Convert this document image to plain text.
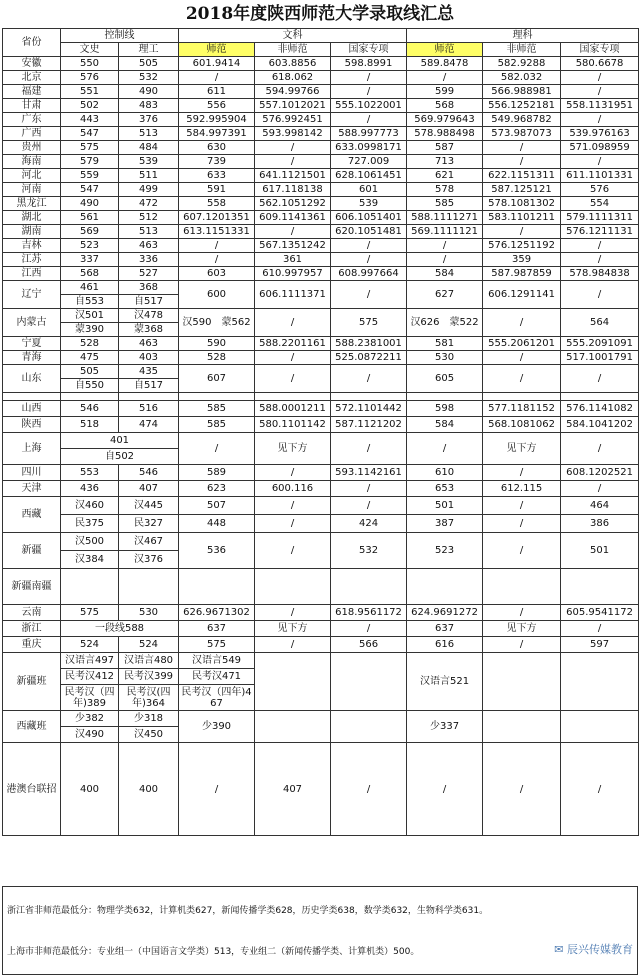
2018年度陕西师范大学录取线汇总
省份	控制线		文科			理科		
	文史	理工	师范	非师范	国家专项	师范	非师范	国家专项
安徽	550	505	601.9414	603.8856	598.8991	589.8478	582.9288	580.6678
北京	576	532	/	618.062	/	/	582.032	/
福建	551	490	611	594.99766	/	599	566.988981	/
甘肃	502	483	556	557.1012021	555.1022001	568	556.1252181	558.1131951
广东	443	376	592.995904	576.992451	/	569.979643	549.968782	/
广西	547	513	584.997391	593.998142	588.997773	578.988498	573.987073	539.976163
贵州	575	484	630	/	633.0998171	587	/	571.098959
海南	579	539	739	/	727.009	713	/	/
河北	559	511	633	641.1121501	628.1061451	621	622.1151311	611.1101331
河南	547	499	591	617.118138	601	578	587.125121	576
黑龙江	490	472	558	562.1051292	539	585	578.1081302	554
湖北	561	512	607.1201351	609.1141361	606.1051401	588.1111271	583.1101211	579.1111311
湖南	569	513	613.1151331	/	620.1051481	569.1111121	/	576.1211131
吉林	523	463	/	567.1351242	/	/	576.1251192	/
江苏	337	336	/	361	/	/	359	/
江西	568	527	603	610.997957	608.997664	584	587.987859	578.984838
辽宁	461	368	600	606.1111371	/	627	606.1291141	/
	自553	自517						
内蒙古	汉501	汉478	汉590　蒙562	/	575	汉626　蒙522	/	564
	蒙390	蒙368						
宁夏	528	463	590	588.2201161	588.2381001	581	555.2061201	555.2091091
青海	475	403	528	/	525.0872211	530	/	517.1001791
山东	505	435	607	/	/	605	/	/
	自550	自517						

山西	546	516	585	588.0001211	572.1101442	598	577.1181152	576.1141082
陕西	518	474	585	580.1101142	587.1121202	584	568.1081062	584.1041202
上海	401		/	见下方	/	/	见下方	/
	自502							
四川	553	546	589	/	593.1142161	610	/	608.1202521
天津	436	407	623	600.116	/	653	612.115	/
西藏	汉460	汉445	507	/	/	501	/	464
	民375	民327	448	/	424	387	/	386
新疆	汉500	汉467	536	/	532	523	/	501
	汉384	汉376						
新疆南疆								
云南	575	530	626.9671302	/	618.9561172	624.9691272	/	605.9541172
浙江	一段线588		637	见下方	/	637	见下方	/
重庆	524	524	575	/	566	616	/	597
新疆班	汉语言497	汉语言480	汉语言549			汉语言521		
	民考汉412	民考汉399	民考汉471					
	民考汉（四年)389	民考汉(四年)364	民考汉（四年)467					
西藏班	少382	少318	少390			少337		
	汉490	汉450						
港澳台联招	400	400	/	407	/	/	/	/
浙江省非师范最低分：物理学类632，计算机类627，新闻传播学类628，历史学类638，数学类632，生物科学类631。
上海市非师范最低分：专业组一（中国语言文学类）513，专业组二（新闻传播学类、计算机类）500。	✉ 辰兴传媒教育
